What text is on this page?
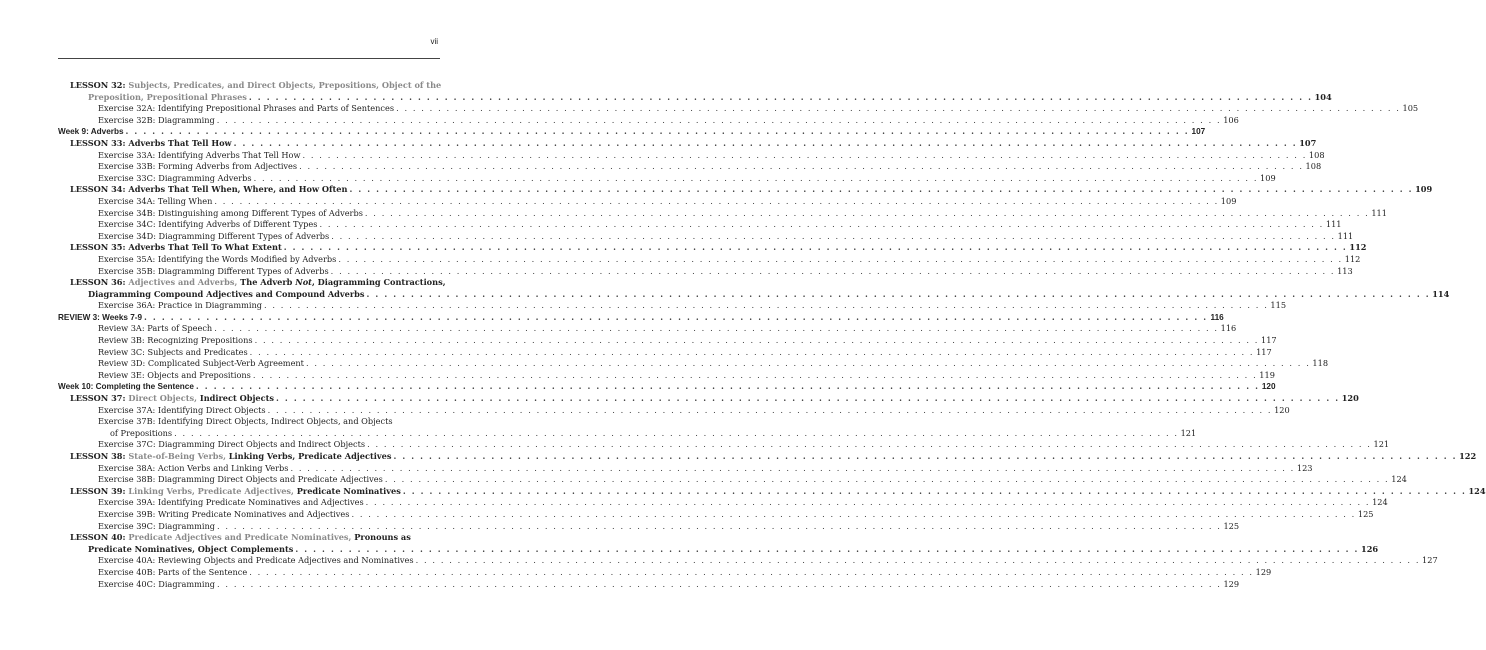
vii
LESSON 32: Subjects, Predicates, and Direct Objects, Prepositions, Object of the
Preposition, Prepositional Phrases . . . . . . . . . . . . . . . . . . . . . . . . . . . . . . . . . . . . . . . . . . . . . . . . . . . . . . . . . . . . . . . . . . . . . . . . . . . . . . . . . . . . . . . . . . . . . . . . . . . . . . . . . . . . . . . . . . . . . . . . 104
Exercise 32A: Identifying Prepositional Phrases and Parts of Sentences . . . . . . . . . . . . . . . . . . . . . . . . . . . . . . . . . . . . . . . . . . . . . . . . . . . . . . . . . . . . . . . . . . . . . . . . . . . . . . . . . . . . . . . . . . . . . . . . . . . . . . . . . . . . . . . . . . . . . . . . 105
Exercise 32B: Diagramming . . . . . . . . . . . . . . . . . . . . . . . . . . . . . . . . . . . . . . . . . . . . . . . . . . . . . . . . . . . . . . . . . . . . . . . . . . . . . . . . . . . . . . . . . . . . . . . . . . . . . . . . . . . . . . . . . . . . . . . . 106
Week 9: Adverbs . . . . . . . . . . . . . . . . . . . . . . . . . . . . . . . . . . . . . . . . . . . . . . . . . . . . . . . . . . . . . . . . . . . . . . . . . . . . . . . . . . . . . . . . . . . . . . . . . . . . . . . . . . . . . . . . . . . . . . . . 107
LESSON 33: Adverbs That Tell How . . . . . . . . . . . . . . . . . . . . . . . . . . . . . . . . . . . . . . . . . . . . . . . . . . . . . . . . . . . . . . . . . . . . . . . . . . . . . . . . . . . . . . . . . . . . . . . . . . . . . . . . . . . . . . . . . . . . . . . . 107
Exercise 33A: Identifying Adverbs That Tell How . . . . . . . . . . . . . . . . . . . . . . . . . . . . . . . . . . . . . . . . . . . . . . . . . . . . . . . . . . . . . . . . . . . . . . . . . . . . . . . . . . . . . . . . . . . . . . . . . . . . . . . . . . . . . . . . . . . . . . . . 108
Exercise 33B: Forming Adverbs from Adjectives . . . . . . . . . . . . . . . . . . . . . . . . . . . . . . . . . . . . . . . . . . . . . . . . . . . . . . . . . . . . . . . . . . . . . . . . . . . . . . . . . . . . . . . . . . . . . . . . . . . . . . . . . . . . . . . . . . . . . . . . 108
Exercise 33C: Diagramming Adverbs . . . . . . . . . . . . . . . . . . . . . . . . . . . . . . . . . . . . . . . . . . . . . . . . . . . . . . . . . . . . . . . . . . . . . . . . . . . . . . . . . . . . . . . . . . . . . . . . . . . . . . . . . . . . . . . . . . . . . . . . 109
LESSON 34: Adverbs That Tell When, Where, and How Often . . . . . . . . . . . . . . . . . . . . . . . . . . . . . . . . . . . . . . . . . . . . . . . . . . . . . . . . . . . . . . . . . . . . . . . . . . . . . . . . . . . . . . . . . . . . . . . . . . . . . . . . . . . . . . . . . . . . . . . . 109
Exercise 34A: Telling When . . . . . . . . . . . . . . . . . . . . . . . . . . . . . . . . . . . . . . . . . . . . . . . . . . . . . . . . . . . . . . . . . . . . . . . . . . . . . . . . . . . . . . . . . . . . . . . . . . . . . . . . . . . . . . . . . . . . . . . . 109
Exercise 34B: Distinguishing among Different Types of Adverbs . . . . . . . . . . . . . . . . . . . . . . . . . . . . . . . . . . . . . . . . . . . . . . . . . . . . . . . . . . . . . . . . . . . . . . . . . . . . . . . . . . . . . . . . . . . . . . . . . . . . . . . . . . . . . . . . . . . . . . . . 111
Exercise 34C: Identifying Adverbs of Different Types . . . . . . . . . . . . . . . . . . . . . . . . . . . . . . . . . . . . . . . . . . . . . . . . . . . . . . . . . . . . . . . . . . . . . . . . . . . . . . . . . . . . . . . . . . . . . . . . . . . . . . . . . . . . . . . . . . . . . . . . 111
Exercise 34D: Diagramming Different Types of Adverbs . . . . . . . . . . . . . . . . . . . . . . . . . . . . . . . . . . . . . . . . . . . . . . . . . . . . . . . . . . . . . . . . . . . . . . . . . . . . . . . . . . . . . . . . . . . . . . . . . . . . . . . . . . . . . . . . . . . . . . . . 111
LESSON 35: Adverbs That Tell To What Extent . . . . . . . . . . . . . . . . . . . . . . . . . . . . . . . . . . . . . . . . . . . . . . . . . . . . . . . . . . . . . . . . . . . . . . . . . . . . . . . . . . . . . . . . . . . . . . . . . . . . . . . . . . . . . . . . . . . . . . . . 112
Exercise 35A: Identifying the Words Modified by Adverbs . . . . . . . . . . . . . . . . . . . . . . . . . . . . . . . . . . . . . . . . . . . . . . . . . . . . . . . . . . . . . . . . . . . . . . . . . . . . . . . . . . . . . . . . . . . . . . . . . . . . . . . . . . . . . . . . . . . . . . . . 112
Exercise 35B: Diagramming Different Types of Adverbs . . . . . . . . . . . . . . . . . . . . . . . . . . . . . . . . . . . . . . . . . . . . . . . . . . . . . . . . . . . . . . . . . . . . . . . . . . . . . . . . . . . . . . . . . . . . . . . . . . . . . . . . . . . . . . . . . . . . . . . . 113
LESSON 36: Adjectives and Adverbs, The Adverb Not, Diagramming Contractions,
Diagramming Compound Adjectives and Compound Adverbs . . . . . . . . . . . . . . . . . . . . . . . . . . . . . . . . . . . . . . . . . . . . . . . . . . . . . . . . . . . . . . . . . . . . . . . . . . . . . . . . . . . . . . . . . . . . . . . . . . . . . . . . . . . . . . . . . . . . . . . . 114
Exercise 36A: Practice in Diagramming . . . . . . . . . . . . . . . . . . . . . . . . . . . . . . . . . . . . . . . . . . . . . . . . . . . . . . . . . . . . . . . . . . . . . . . . . . . . . . . . . . . . . . . . . . . . . . . . . . . . . . . . . . . . . . . . . . . . . . . . 115
REVIEW 3: Weeks 7-9 . . . . . . . . . . . . . . . . . . . . . . . . . . . . . . . . . . . . . . . . . . . . . . . . . . . . . . . . . . . . . . . . . . . . . . . . . . . . . . . . . . . . . . . . . . . . . . . . . . . . . . . . . . . . . . . . . . . . . . . . 116
Review 3A: Parts of Speech . . . . . . . . . . . . . . . . . . . . . . . . . . . . . . . . . . . . . . . . . . . . . . . . . . . . . . . . . . . . . . . . . . . . . . . . . . . . . . . . . . . . . . . . . . . . . . . . . . . . . . . . . . . . . . . . . . . . . . . . 116
Review 3B: Recognizing Prepositions . . . . . . . . . . . . . . . . . . . . . . . . . . . . . . . . . . . . . . . . . . . . . . . . . . . . . . . . . . . . . . . . . . . . . . . . . . . . . . . . . . . . . . . . . . . . . . . . . . . . . . . . . . . . . . . . . . . . . . . . 117
Review 3C: Subjects and Predicates . . . . . . . . . . . . . . . . . . . . . . . . . . . . . . . . . . . . . . . . . . . . . . . . . . . . . . . . . . . . . . . . . . . . . . . . . . . . . . . . . . . . . . . . . . . . . . . . . . . . . . . . . . . . . . . . . . . . . . . . 117
Review 3D: Complicated Subject-Verb Agreement . . . . . . . . . . . . . . . . . . . . . . . . . . . . . . . . . . . . . . . . . . . . . . . . . . . . . . . . . . . . . . . . . . . . . . . . . . . . . . . . . . . . . . . . . . . . . . . . . . . . . . . . . . . . . . . . . . . . . . . . 118
Review 3E: Objects and Prepositions . . . . . . . . . . . . . . . . . . . . . . . . . . . . . . . . . . . . . . . . . . . . . . . . . . . . . . . . . . . . . . . . . . . . . . . . . . . . . . . . . . . . . . . . . . . . . . . . . . . . . . . . . . . . . . . . . . . . . . . . 119
Week 10: Completing the Sentence . . . . . . . . . . . . . . . . . . . . . . . . . . . . . . . . . . . . . . . . . . . . . . . . . . . . . . . . . . . . . . . . . . . . . . . . . . . . . . . . . . . . . . . . . . . . . . . . . . . . . . . . . . . . . . . . . . . . . . . . 120
LESSON 37: Direct Objects, Indirect Objects . . . . . . . . . . . . . . . . . . . . . . . . . . . . . . . . . . . . . . . . . . . . . . . . . . . . . . . . . . . . . . . . . . . . . . . . . . . . . . . . . . . . . . . . . . . . . . . . . . . . . . . . . . . . . . . . . . . . . . . . 120
Exercise 37A: Identifying Direct Objects . . . . . . . . . . . . . . . . . . . . . . . . . . . . . . . . . . . . . . . . . . . . . . . . . . . . . . . . . . . . . . . . . . . . . . . . . . . . . . . . . . . . . . . . . . . . . . . . . . . . . . . . . . . . . . . . . . . . . . . . 120
Exercise 37B: Identifying Direct Objects, Indirect Objects, and Objects
of Prepositions . . . . . . . . . . . . . . . . . . . . . . . . . . . . . . . . . . . . . . . . . . . . . . . . . . . . . . . . . . . . . . . . . . . . . . . . . . . . . . . . . . . . . . . . . . . . . . . . . . . . . . . . . . . . . . . . . . . . . . . . 121
Exercise 37C: Diagramming Direct Objects and Indirect Objects . . . . . . . . . . . . . . . . . . . . . . . . . . . . . . . . . . . . . . . . . . . . . . . . . . . . . . . . . . . . . . . . . . . . . . . . . . . . . . . . . . . . . . . . . . . . . . . . . . . . . . . . . . . . . . . . . . . . . . . . 121
LESSON 38: State-of-Being Verbs, Linking Verbs, Predicate Adjectives . . . . . . . . . . . . . . . . . . . . . . . . . . . . . . . . . . . . . . . . . . . . . . . . . . . . . . . . . . . . . . . . . . . . . . . . . . . . . . . . . . . . . . . . . . . . . . . . . . . . . . . . . . . . . . . . . . . . . . . . 122
Exercise 38A: Action Verbs and Linking Verbs . . . . . . . . . . . . . . . . . . . . . . . . . . . . . . . . . . . . . . . . . . . . . . . . . . . . . . . . . . . . . . . . . . . . . . . . . . . . . . . . . . . . . . . . . . . . . . . . . . . . . . . . . . . . . . . . . . . . . . . . 123
Exercise 38B: Diagramming Direct Objects and Predicate Adjectives . . . . . . . . . . . . . . . . . . . . . . . . . . . . . . . . . . . . . . . . . . . . . . . . . . . . . . . . . . . . . . . . . . . . . . . . . . . . . . . . . . . . . . . . . . . . . . . . . . . . . . . . . . . . . . . . . . . . . . . . 124
LESSON 39: Linking Verbs, Predicate Adjectives, Predicate Nominatives . . . . . . . . . . . . . . . . . . . . . . . . . . . . . . . . . . . . . . . . . . . . . . . . . . . . . . . . . . . . . . . . . . . . . . . . . . . . . . . . . . . . . . . . . . . . . . . . . . . . . . . . . . . . . . . . . . . . . . . . 124
Exercise 39A: Identifying Predicate Nominatives and Adjectives . . . . . . . . . . . . . . . . . . . . . . . . . . . . . . . . . . . . . . . . . . . . . . . . . . . . . . . . . . . . . . . . . . . . . . . . . . . . . . . . . . . . . . . . . . . . . . . . . . . . . . . . . . . . . . . . . . . . . . . . 124
Exercise 39B: Writing Predicate Nominatives and Adjectives . . . . . . . . . . . . . . . . . . . . . . . . . . . . . . . . . . . . . . . . . . . . . . . . . . . . . . . . . . . . . . . . . . . . . . . . . . . . . . . . . . . . . . . . . . . . . . . . . . . . . . . . . . . . . . . . . . . . . . . . 125
Exercise 39C: Diagramming . . . . . . . . . . . . . . . . . . . . . . . . . . . . . . . . . . . . . . . . . . . . . . . . . . . . . . . . . . . . . . . . . . . . . . . . . . . . . . . . . . . . . . . . . . . . . . . . . . . . . . . . . . . . . . . . . . . . . . . . 125
LESSON 40: Predicate Adjectives and Predicate Nominatives, Pronouns as
Predicate Nominatives, Object Complements . . . . . . . . . . . . . . . . . . . . . . . . . . . . . . . . . . . . . . . . . . . . . . . . . . . . . . . . . . . . . . . . . . . . . . . . . . . . . . . . . . . . . . . . . . . . . . . . . . . . . . . . . . . . . . . . . . . . . . . . 126
Exercise 40A: Reviewing Objects and Predicate Adjectives and Nominatives . . . . . . . . . . . . . . . . . . . . . . . . . . . . . . . . . . . . . . . . . . . . . . . . . . . . . . . . . . . . . . . . . . . . . . . . . . . . . . . . . . . . . . . . . . . . . . . . . . . . . . . . . . . . . . . . . . . . . . . . 127
Exercise 40B: Parts of the Sentence . . . . . . . . . . . . . . . . . . . . . . . . . . . . . . . . . . . . . . . . . . . . . . . . . . . . . . . . . . . . . . . . . . . . . . . . . . . . . . . . . . . . . . . . . . . . . . . . . . . . . . . . . . . . . . . . . . . . . . . . 129
Exercise 40C: Diagramming . . . . . . . . . . . . . . . . . . . . . . . . . . . . . . . . . . . . . . . . . . . . . . . . . . . . . . . . . . . . . . . . . . . . . . . . . . . . . . . . . . . . . . . . . . . . . . . . . . . . . . . . . . . . . . . . . . . . . . . . 129
